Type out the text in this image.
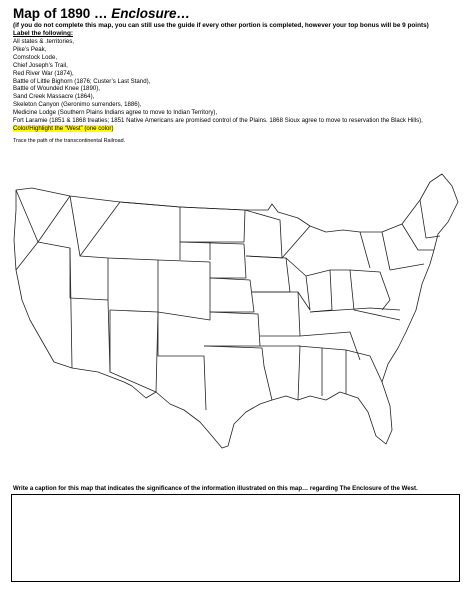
Map of 1890 … Enclosure…
(if you do not complete this map, you can still use the guide if every other portion is completed, however your top bonus will be 9 points)
Label the following:
All states & .territories,
Pike’s Peak,
Comstock Lode,
Chief Joseph’s Trail,
Red River War (1874),
Battle of Little Bighorn (1876; Custer’s Last Stand),
Battle of Wounded Knee (1890),
Sand Creek Massacre (1864),
Skeleton Canyon (Geronimo surrenders, 1886),
Medicine Lodge (Southern Plains Indians agree to move to Indian Territory),
Fort Laramie (1851 & 1868 treaties; 1851 Native Americans are promised control of the Plains. 1868 Sioux agree to move to reservation the Black Hills),
Color/Highlight the “West” (one color)
Trace the path of the transcontinental Railroad.
Write a caption for this map that indicates the significance of the information illustrated on this map… regarding The Enclosure of the West.
